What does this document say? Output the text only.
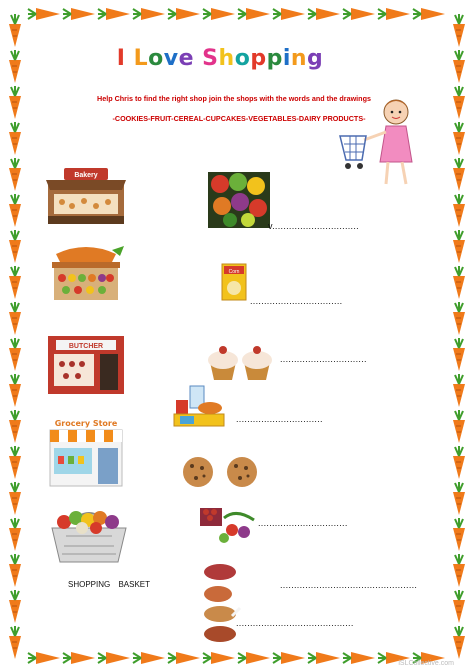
I Love Shopping
Help Chris to find the right shop join the shops with the words and the drawings
-COOKIES-FRUIT-CEREAL-CUPCAKES-VEGETABLES-DAIRY PRODUCTS-
Bakery
BUTCHER
Grocery Store
SHOPPING BASKET
v...............................
Corn
.................................
...............................
...............................
................................
.................................................
..........................................
iSLCollective.com
